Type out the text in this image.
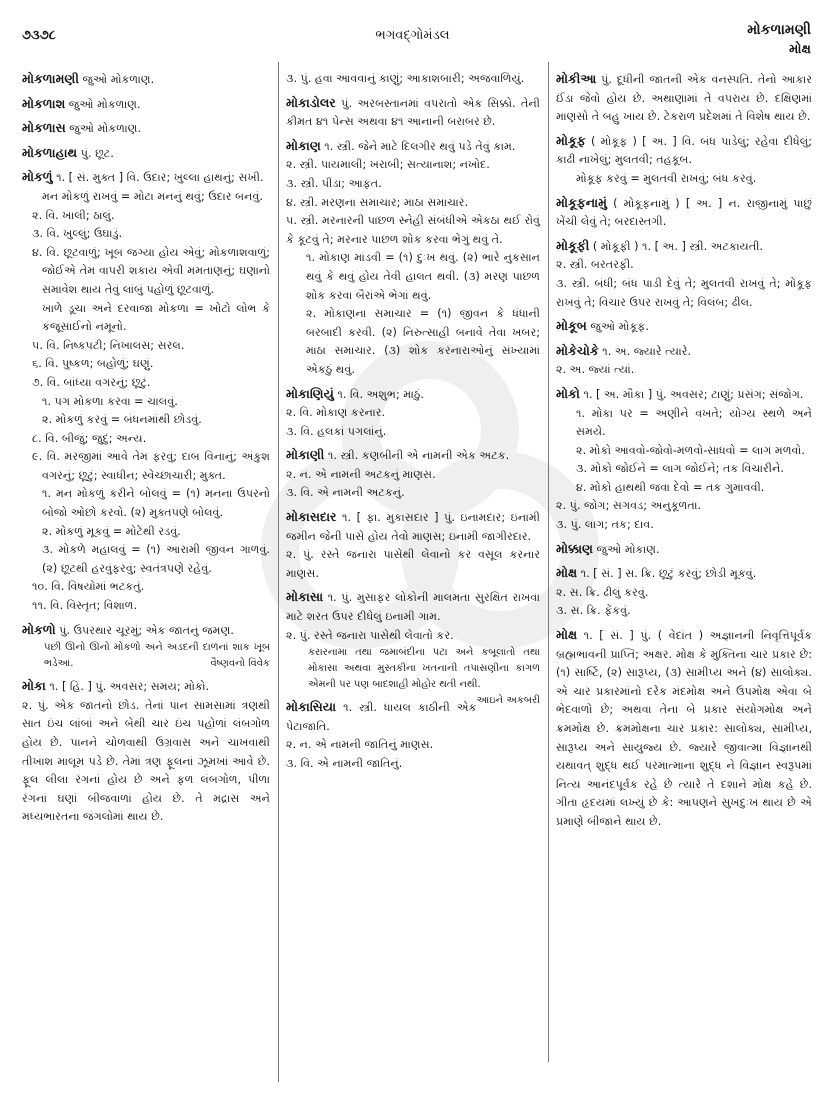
૭૩૭૮	ભગવદ્ગોમંડલ	મોકળામણી
મોક્ષ
મોકળામણી જુઓ મોકળાણ.
મોકળાશ જુઓ મોકળાણ.
મોકળાસ જુઓ મોકળાણ.
મોકળાહાથ પું. છૂટ.
મોકળું ૧. [ સં. મુક્ત ] વિ. ઉદાર; ખુલ્લા હાથનું; સખી.
મન મોકળું રાખવું = મોટા મનનું થવું; ઉદાર બનવું.
૨. વિ. ખાલી; ઠાલું.
૩. વિ. ખુલ્લું; ઉઘાડું.
૪. વિ. છૂટવાળું; ખૂબ જગ્યા હોય એવું; મોકળાશવાળું; જોઈએ તેમ વાપરી શકાય એવી મમતાણનું; ઘણાનો સમાવેશ થાય તેવું લાંબું પહોળું છૂટવાળું.
ખાળે ડૂચા અને દરવાજા મોકળા = ખોટો લોભ કે કંજૂસાઈનો નમૂનો.
૫. વિ. નિષ્કપટી; નિખાલસ; સરલ.
૬. વિ. પુષ્કળ; બહોળું; ઘણું.
૭. વિ. બાંધ્યા વગરનું; છૂટું.
૧. પગ મોકળા કરવા = ચાલવું.
૨. મોકળું કરવું = બંધનમાંથી છોડવું.
૮. વિ. બીજું; જુદું; અન્ય.
૯. વિ. મરજીમાં આવે તેમ ફરવું; દાબ વિનાનું; અંકુશ વગરનું; છૂટું; સ્વાધીન; સ્વેચ્છાચારી; મુક્ત.
૧. મન મોકળું કરીને બોલવું = (૧) મનના ઉપરનો બોજો ઓછો કરવો. (૨) મુક્તપણે બોલવું.
૨. મોકળું મૂકવું = મોટેથી રડવું.
૩. મોકળે મહાલવું = (૧) આરામી જીવન ગાળવું. (૨) છૂટથી હરવુંફરવું; સ્વતંત્રપણે રહેવું.
૧૦. વિ. વિષયોમાં ભટકતું.
૧૧. વિ. વિસ્તૃત; વિશાળ.
મોકળો પું. ઉપરથાર ચૂરમું; એક જાતનું જમણ.
પછી ઊનો ઊનો મોકળો અને અડદની દાળનાં શાક ખૂબ ભડેઆં.	વૈષ્ણવનો વિવેક
મોકા ૧. [ હિં. ] પું. અવસર; સમય; મોકો.
૨. પું. એક જાતનો છોડ. તેનાં પાન સામસામાં ત્રણથી સાત ઇંચ લાંબાં અને બેથી ચાર ઇંચ પહોળાં લંબગોળ હોય છે. પાનને ચોળવાથી ઉગ્રવાસ અને ચાખવાથી તીખાશ માલૂમ પડે છે. તેમાં ત્રણ ફૂલનાં ઝૂમખાં આવે છે. ફૂલ લીલા રંગનાં હોય છે અને ફળ લંબગોળ, પીળા રંગનાં ઘણાં બીજવાળાં હોય છે. તે મદ્રાસ અને મધ્યભારતના જંગલોમાં થાય છે.
૩. પું. હવા આવવાનું કાણું; આકાશબારી; અજવાળિયું.
મોકાડોલર પું. અરબસ્તાનમાં વપરાતો એક સિક્કો. તેની કીમત ૪૧ પેન્સ અથવા ૪૧ આનાની બરાબર છે.
મોકાણ ૧. સ્ત્રી. જેને માટે દિલગીર થવું પડે તેવું કામ.
૨. સ્ત્રી. પાયમાલી; ખરાબી; સત્યાનાશ; નખોદ.
૩. સ્ત્રી. પીડા; આફત.
૪. સ્ત્રી. મરણના સમાચાર; માઠા સમાચાર.
૫. સ્ત્રી. મરનારની પાછળ સ્નેહી સંબંધીએ એકઠા થઈ રોવું કે કૂટવું તે; મરનાર પાછળ શોક કરવા ભેગું થવું તે.
૧. મોકાણ માંડવી = (૧) દુઃખ થવું. (૨) ભારે નુકસાન થવું કે થવું હોય તેવી હાલત થવી. (૩) મરણ પાછળ શોક કરવા બૈરાંએ ભેગાં થવું.
૨. મોકાણના સમાચાર = (૧) જીવન કે ધંધાની બરબાદી કરવી. (૨) નિરુત્સાહી બનાવે તેવા ખબર; માઠા સમાચાર. (૩) શોક કરનારાઓનું સંખ્યામાં એકઠું થવું.
મોકાણિયું ૧. વિ. અશુભ; માઠું.
૨. વિ. મોકાણ કરનાર.
૩. વિ. હલકાં પગલાંનું.
મોકાણી ૧. સ્ત્રી. કણબીની એ નામની એક અટક.
૨. ન. એ નામની અટકનું માણસ.
૩. વિ. એ નામની અટકનું.
મોકાસદાર ૧. [ ફા. મુકાસદાર ] પું. ઇનામદાર; ઇનામી જમીન જેની પાસે હોય તેવો માણસ; ઇનામી જાગીરદાર.
૨. પું. રસ્તે જનારા પાસેથી લેવાનો કર વસૂલ કરનાર માણસ.
મોકાસા ૧. પું. મુસાફર લોકોની માલમતા સુરક્ષિત રાખવા માટે શરત ઉપર દીધેલું ઇનામી ગામ.
૨. પું. રસ્તે જનારા પાસેથી લેવાતો કર.
કરારનામા તથા જમાબંદીના પટા અને કબૂલાતો તથા મોકાસા અથવા મુસ્તકીના ખતનાની તપાસણીના કાગળ એમની પર પણ બાદશાહી મોહોર થતી નથી.
આઇને અકબરી
મોકાસિયા ૧. સ્ત્રી. ધાયલ કાઠીની એક પેટાજાતિ.
૨. ન. એ નામની જાતિનું માણસ.
૩. વિ. એ નામની જાતિનું.
મોકીઆ પું. દૂધીની જાતની એક વનસ્પતિ. તેનો આકાર ઈંડા જેવો હોય છે. અથાણામાં તે વપરાય છે. દક્ષિણમાં માણસો તે બહુ ખાય છે. ટેકરાળ પ્રદેશમાં તે વિશેષ થાય છે.
મોકૂફ ( મોકૂફ ) [ અ. ] વિ. બંધ પાડેલું; રહેવા દીધેલું; કાઢી નાખેલું; મુલતવી; તહકૂબ.
મોકૂફ કરવું = મુલતવી રાખવું; બંધ કરવું.
મોકૂફનામું ( મોકૂફનામું ) [ અ. ] ન. રાજીનામું પાછું ખેંચી લેવું તે; બરદાસ્તગી.
મોકૂફી ( મોકૂફી ) ૧. [ અ. ] સ્ત્રી. અટકાયતી.
૨. સ્ત્રી. બરતરફી.
૩. સ્ત્રી. બંધી; બંધ પાડી દેવું તે; મુલતવી રાખવું તે; મોકૂફ રાખવું તે; વિચાર ઉપર રાખવું તે; વિલંબ; ઢીલ.
મોકૂબ જુઓ મોકૂફ.
મોકેચોકે ૧. અ. જ્યારે ત્યારે.
૨. અ. જ્યાં ત્યાં.
મોકો ૧. [ અ. મૌકા ] પું. અવસર; ટાણું; પ્રસંગ; સંજોગ.
૧. મોકા પર = અણીને વખતે; યોગ્ય સ્થળે અને સમયે.
૨. મોકો આવવો-જોવો-મળવો-સાધવો = લાગ મળવો.
૩. મોકો જોઈને = લાગ જોઈને; તક વિચારીને.
૪. મોકો હાથથી જવા દેવો = તક ગુમાવવી.
૨. પું. જોગ; સગવડ; અનુકૂળતા.
૩. પું. લાગ; તક; દાવ.
મોક્કાણ જુઓ મોકાણ.
મોક્ષ ૧. [ સં. ] સ. ક્રિ. છૂટું કરવું; છોડી મૂકવું.
૨. સ. ક્રિ. ઢીલું કરવું.
૩. સ. ક્રિ. ફેંકવું.
મોક્ષ ૧. [ સં. ] પું. ( વેદાંત ) અજ્ઞાનની નિવૃત્તિપૂર્વક બ્રહ્મભાવની પ્રાપ્તિ; અક્ષર. મોક્ષ કે મુક્તિના ચાર પ્રકાર છે: (૧) સાર્ષ્ટિ, (૨) સારૂપ્ય, (૩) સામીપ્ય અને (૪) સાલોક્ય. એ ચાર પ્રકારમાંનો દરેક મંદમોક્ષ અને ઉપમોક્ષ એવા બે ભેદવાળો છે; અથવા તેના બે પ્રકાર સંયોગમોક્ષ અને ક્રમમોક્ષ છે. ક્રમમોક્ષના ચાર પ્રકાર: સાલોક્ય, સામીપ્ય, સારૂપ્ય અને સાયુજ્ય છે. જ્યારે જીવાત્મા વિજ્ઞાનથી યથાવત્ શુદ્ધ થઈ પરમાત્માના શુદ્ધ ને વિજ્ઞાન સ્વરૂપમાં નિત્ય આનંદપૂર્વક રહે છે ત્યારે તે દશાને મોક્ષ કહે છે. ગીતા હૃદયમાં લખ્યું છે કે: આપણને સુખદુઃખ થાય છે એ પ્રમાણે બીજાને થાય છે.
